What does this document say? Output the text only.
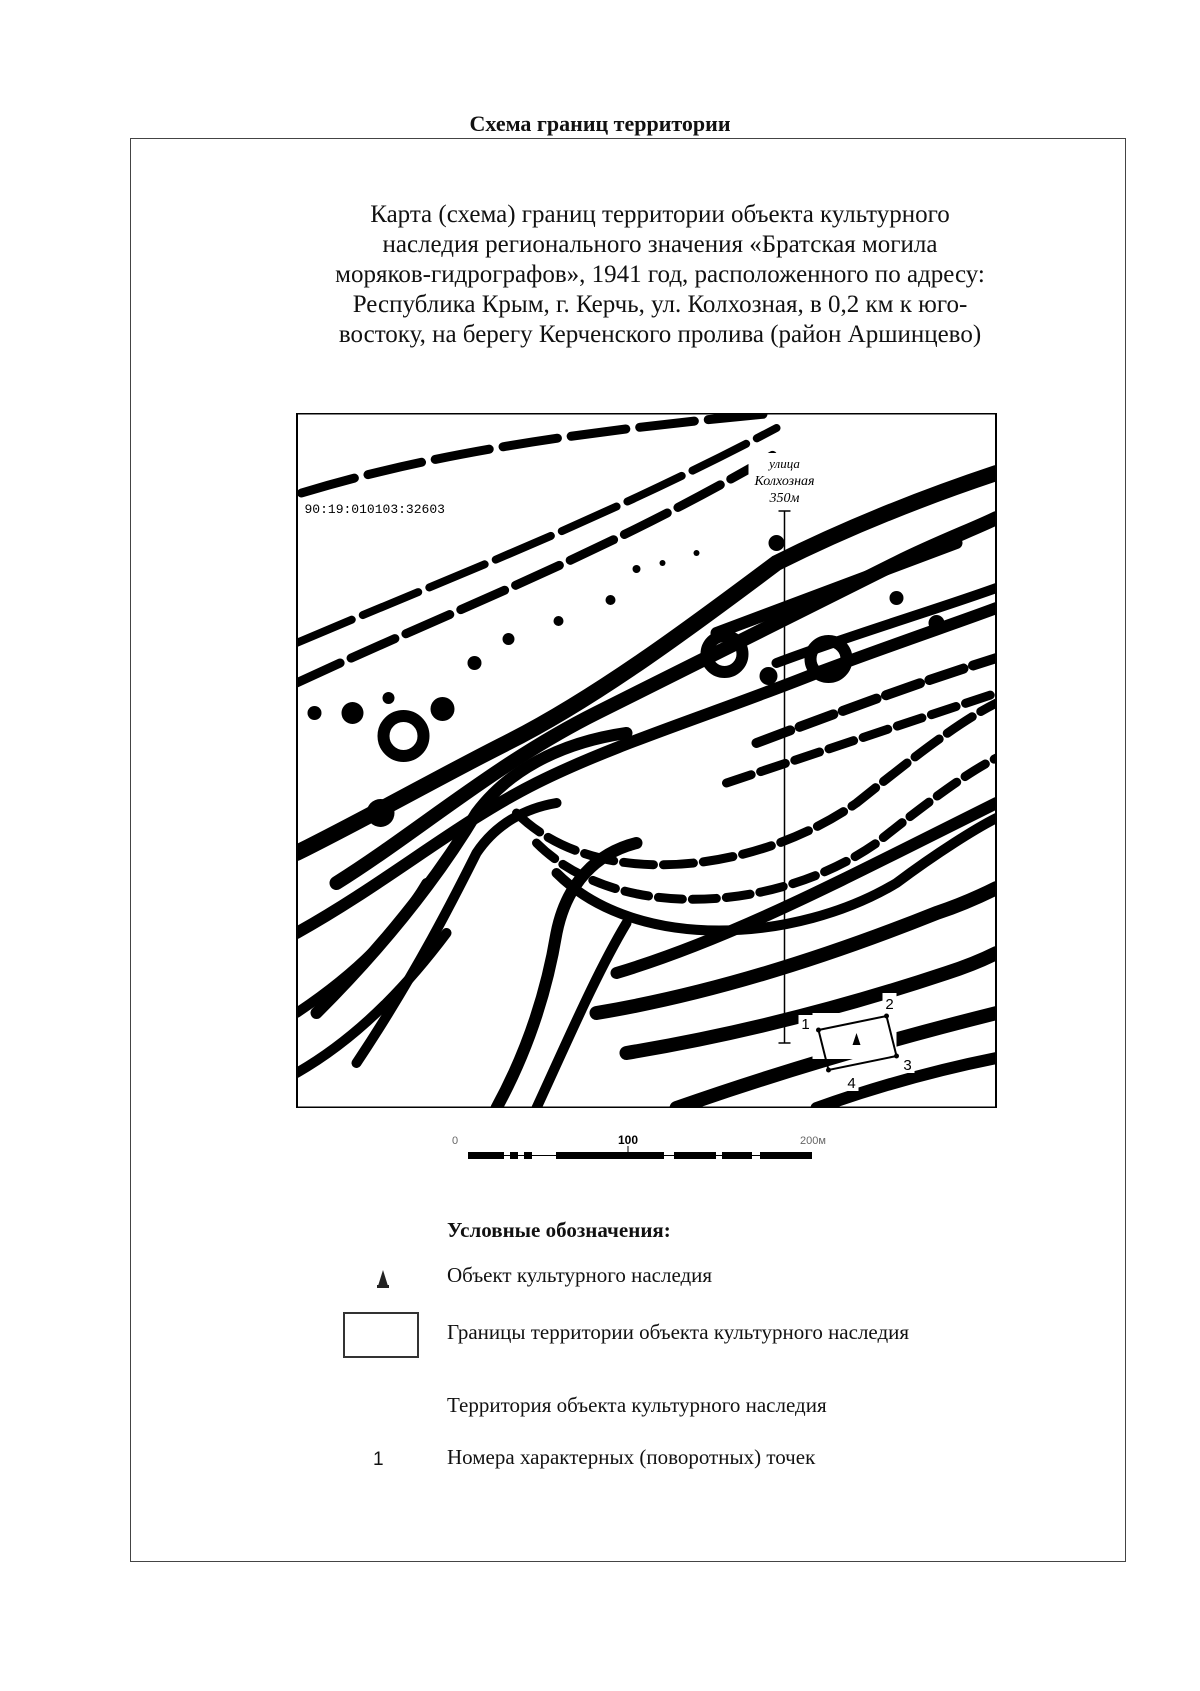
Схема границ территории
Карта (схема) границ территории объекта культурного
наследия регионального значения «Братская могила
моряков-гидрографов», 1941 год, расположенного по адресу:
Республика Крым, г. Керчь, ул. Колхозная, в 0,2 км к юго-
востоку, на берегу Керченского пролива (район Аршинцево)
90:19:010103:32603
улица
Колхозная
350м
1
2
3
4
0	100	200м
Условные обозначения:
Объект культурного наследия
Границы территории объекта культурного наследия
Территория объекта культурного наследия
1	Номера характерных (поворотных) точек
